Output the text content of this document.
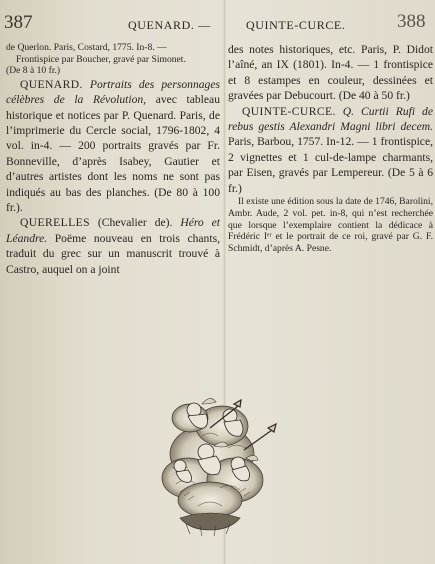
387	QUENARD. —	QUINTE-CURCE.	388
de Querlon. Paris, Costard, 1775. In-8. —
Frontispice par Boucher, gravé par Simonet.
(De 8 à 10 fr.)

QUENARD. Portraits des personnages célèbres de la Révolution, avec tableau historique et notices par P. Quenard. Paris, de l’imprimerie du Cercle social, 1796-1802, 4 vol. in-4. — 200 portraits gravés par Fr. Bonneville, d’après Isabey, Gautier et d’autres artistes dont les noms ne sont pas indiqués au bas des planches. (De 80 à 100 fr.).

QUERELLES (Chevalier de). Héro et Léandre. Poëme nouveau en trois chants, traduit du grec sur un manuscrit trouvé à Castro, auquel on a joint

des notes historiques, etc. Paris, P. Didot l’aîné, an IX (1801). In-4. — 1 frontispice et 8 estampes en couleur, dessinées et gravées par Debucourt. (De 40 à 50 fr.)

QUINTE-CURCE. Q. Curtii Rufi de rebus gestis Alexandri Magni libri decem. Paris, Barbou, 1757. In-12. — 1 frontispice, 2 vignettes et 1 cul-de-lampe charmants, par Eisen, gravés par Lempereur. (De 5 à 6 fr.)

Il existe une édition sous la date de 1746, Barolini, Ambr. Aude, 2 vol. pet. in-8, qui n’est recherchée que lorsque l’exemplaire contient la dédicace à Frédéric Iᵉʳ et le portrait de ce roi, gravé par G. F. Schmidt, d’après A. Pesne.
